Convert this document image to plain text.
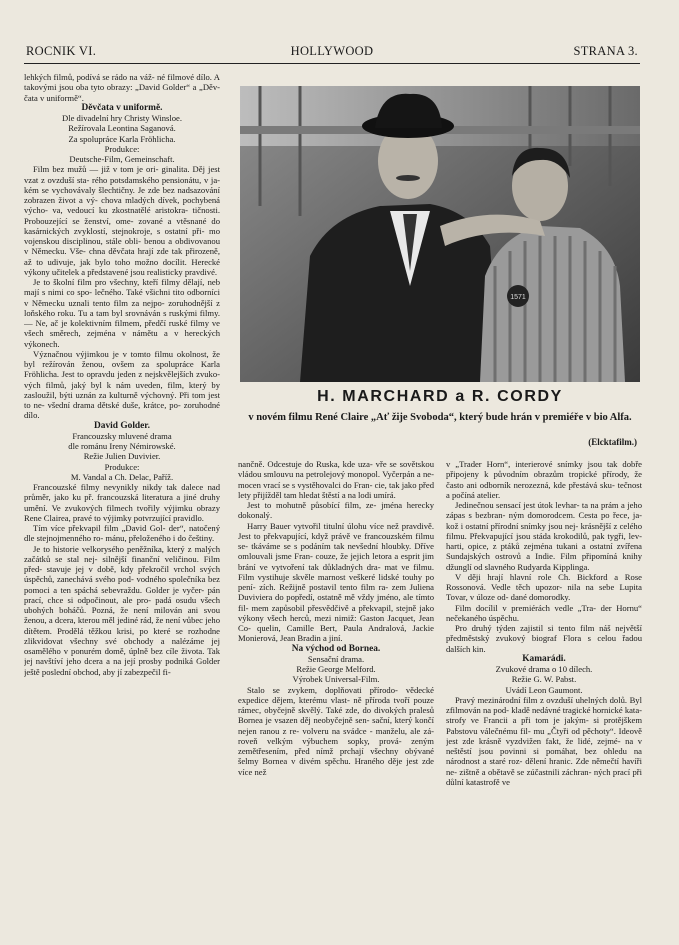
ROCNIK VI.	HOLLYWOOD	STRANA 3.

lehkých filmů, podívá se rádo na váž- né filmové dílo. A takovými jsou oba tyto obrazy: „David Golder“ a „Děv- čata v uniformě“.

Děvčata v uniformě.

Dle divadelní hry Christy Winsloe.

Režírovala Leontina Saganová.

Za spolupráce Karla Fröhlicha.

Produkce:

Deutsche-Film, Gemeinschaft.

Film bez mužů — již v tom je ori- ginalita. Děj jest vzat z ovzduší sta- rého potsdamského pensionátu, v ja- kém se vychovávaly šlechtičny. Je zde bez nadsazování zobrazen život a vý- chova mladých dívek, pochybená výcho- va, vedoucí ku zkostnatělé aristokra- tičnosti. Probouzející se ženství, ome- zované a vtěsnané do kasárnických zvyklostí, stejnokroje, s ostatní při- mo vojenskou disciplinou, stále obli- benou a obdivovanou v Německu. Vše- chna děvčata hrají zde tak přirozeně, až to udivuje, jak bylo toho možno docílit. Herecké výkony učitelek a představené jsou realisticky pravdivé.

Je to školní film pro všechny, kteří filmy dělají, neb mají s nimi co spo- lečného. Také všichni tito odborníci v Německu uznali tento film za nejpo- zoruhodnější z loňského roku. Tu a tam byl srovnáván s ruskými filmy. — Ne, ač je kolektivním filmem, předčí ruské filmy ve všech směrech, zejména v námětu a v hereckých výkonech.

Význačnou výjimkou je v tomto filmu okolnost, že byl režírován ženou, ovšem za spolupráce Karla Fröhlicha. Jest to opravdu jeden z nejskvělejších zvuko- vých filmů, jaký byl k nám uveden, film, který by zasloužil, býti uznán za kulturně výchovný. Při tom jest to ne- všední drama dětské duše, krátce, po- zoruhodné dílo.

David Golder.

Francouzsky mluvené drama

dle románu Ireny Némirowské.

Režie Julien Duvivier.

Produkce:

M. Vandal a Ch. Delac, Paříž.

Francouzské filmy nevynikly nikdy tak dalece nad průměr, jako ku př. francouzská literatura a jiné druhy umění. Ve zvukových filmech tvořily výjimku obrazy Rene Claireа, pravé to výjimky potvrzující pravidlo.

Tím více překvapil film „David Gol- der“, natočený dle stejnojmenného ro- mánu, přeloženého i do češtiny.

Je to historie velkorysého peněžníka, který z malých začátků se stal nej- silnější finanční veličinou. Film před- stavuje jej v době, kdy překročil vrchol svých úspěchů, zanechává svého pod- vodného společníka bez pomoci a ten spáchá sebevraždu. Golder je vyčer- pán prací, chce si odpočinout, ale pro- padá osudu všech ubohých boháčů. Pozná, že není milován ani svou ženou, a dcera, kterou měl jediné rád, že není vůbec jeho dítětem. Prodělá těžkou krisi, po které se rozhodne zlikvidovat všechny své obchody a nalézáme jej osamělého v ponurém domě, úplně bez cíle života. Tak jej navštíví jeho dcera a na její prosby podniká Golder ještě poslední obchod, aby jí zabezpečil fi-

1571
H. MARCHARD a R. CORDY
v novém filmu René Claire „Ať žije Svoboda“, který bude hrán v premiéře v bio Alfa.
(Elcktafilm.)

nančně. Odcestuje do Ruska, kde uza- vře se sovětskou vládou smlouvu na petrolejový monopol. Vyčerpán a ne- mocen vrací se s vystěhovalci do Fran- cie, tak jako před lety přijížděl tam hledat štěstí a na lodi umírá.

Jest to mohutně působící film, ze- jména herecky dokonalý.

Harry Bauer vytvořil titulní úlohu více než pravdivě. Jest to překvapující, když právě ve francouzském filmu se- tkáváme se s podáním tak nevšední hloubky. Dříve omlouvali jsme Fran- couze, že jejich letora a esprit jim brání ve vytvoření tak důkladných dra- mat ve filmu. Film vystihuje skvěle marnost veškeré lidské touhy po pení- zích. Režijně postavil tento film ra- zem Juliena Duviviera do popředí, ostatně mě vždy jméno, ale tímto fil- mem zapůsobil přesvědčivě a překvapil, stejně jako výkony všech herců, mezi nimiž: Gaston Jacquet, Jean Co- quelin, Camille Bert, Paula Andralová, Jackie Monierová, Jean Bradin a jiní.

Na východ od Bornea.

Sensační drama.

Režie George Melford.

Výrobek Universal-Film.

Stalo se zvykem, doplňovati přírodo- vědecké expedice dějem, kterému vlast- ně příroda tvoří pouze rámec, obyčejně skvělý. Také zde, do divokých pralesů Bornea je vsazen děj neobyčejně sen- sační, který končí nejen ranou z re- volveru na svádce - manželu, ale zá- roveň velkým výbuchem sopky, prová- zeným zemětřesením, před nímž prchají všechny obývané šelmy Bornea v divém spěchu. Hraného děje jest zde více než

v „Trader Horn“, interierové snímky jsou tak dobře připojeny k původním obrazům tropické přírody, že často ani odborník nerozezná, kde přestává sku- tečnost a počíná atelier.

Jedinečnou sensací jest útok levhar- ta na prám a jeho zápas s bezbran- ným domorodcem. Cesta po řece, ja- kož i ostatní přírodní snímky jsou nej- krásnější z celého filmu. Překvapující jsou stáda krokodilů, pak tygři, lev- harti, opice, z ptáků zejména tukani a ostatní zvířena Sundajských ostrovů a Indie. Film připomíná knihy džunglí od slavného Rudyarda Kipplinga.

V ději hrají hlavní role Ch. Bickford a Rose Rossonová. Vedle těch upozor- nila na sebe Lupita Tovar, v úloze od- dané domorodky.

Film docílil v premiérách vedle „Tra- der Hornu“ nečekaného úspěchu.

Pro druhý týden zajistil si tento film náš největší předměstský zvukový biograf Flora s celou řadou dalších kin.

Kamarádi.

Zvukové drama o 10 dílech.

Režie G. W. Pabst.

Uvádí Leon Gaumont.

Pravý mezinárodní film z ovzduší uhelných dolů. Byl zfilmován na pod- kladě nedávné tragické hornické kata- strofy ve Francii a při tom je jakým- si protějškem Pabstovu válečnému fil- mu „Čtyři od pěchoty“. Ideově jest zde krásně vyzdvižen fakt, že lidé, zejmé- na v neštěstí jsou povinni si pomáhat, bez ohledu na národnost a staré roz- dělení hranic. Zde němečtí havíři ne- zištně a obětavě se zúčastnili záchran- ných prací při důlní katastrofě ve
